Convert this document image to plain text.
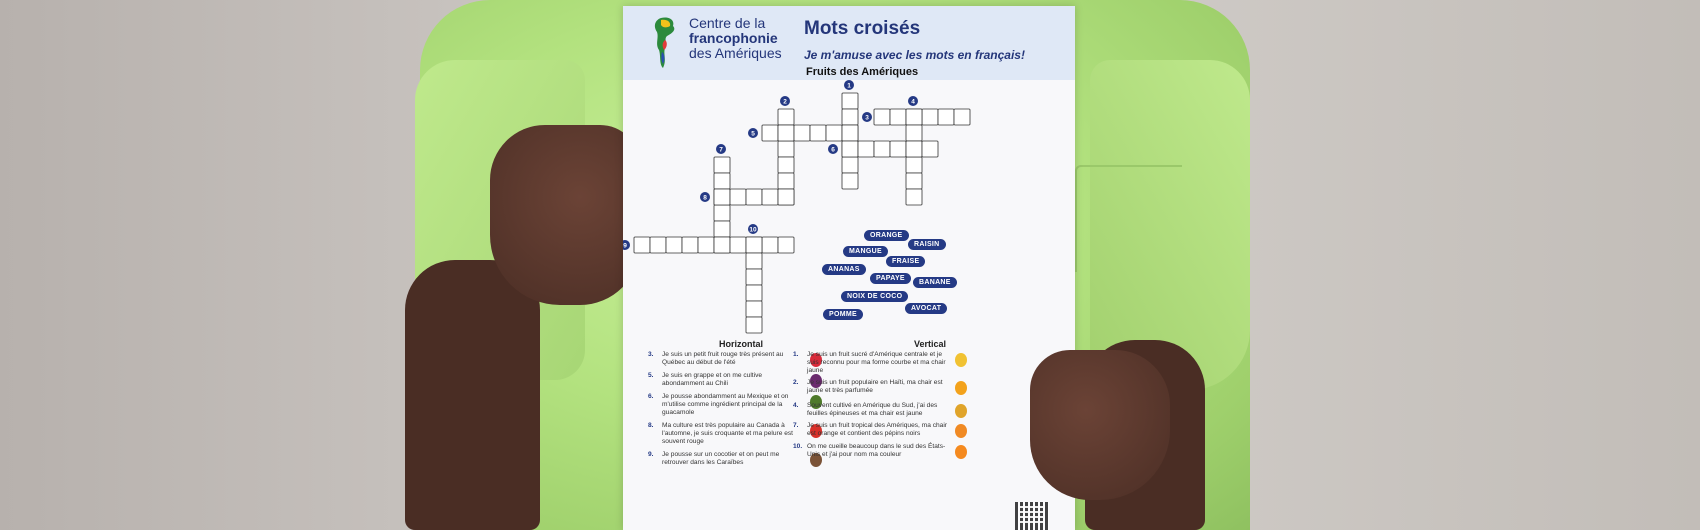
Centre de la
francophonie
des Amériques
Mots croisés
Je m'amuse avec les mots en français!
Fruits des Amériques
1
2
3
4
5
6
7
8
9
10
ORANGE
RAISIN
MANGUE
FRAISE
ANANAS
PAPAYE
BANANE
NOIX DE COCO
AVOCAT
POMME
Horizontal	Vertical
3. Je suis un petit fruit rouge très présent au Québec au début de l'été
5. Je suis en grappe et on me cultive abondamment au Chili
6. Je pousse abondamment au Mexique et on m'utilise comme ingrédient principal de la guacamole
8. Ma culture est très populaire au Canada à l'automne, je suis croquante et ma pelure est souvent rouge
9. Je pousse sur un cocotier et on peut me retrouver dans les Caraïbes
1. Je suis un fruit sucré d'Amérique centrale et je suis reconnu pour ma forme courbe et ma chair jaune
2. Je suis un fruit populaire en Haïti, ma chair est jaune et très parfumée
4. Souvent cultivé en Amérique du Sud, j'ai des feuilles épineuses et ma chair est jaune
7. Je suis un fruit tropical des Amériques, ma chair est orange et contient des pépins noirs
10. On me cueille beaucoup dans le sud des États-Unis et j'ai pour nom ma couleur
